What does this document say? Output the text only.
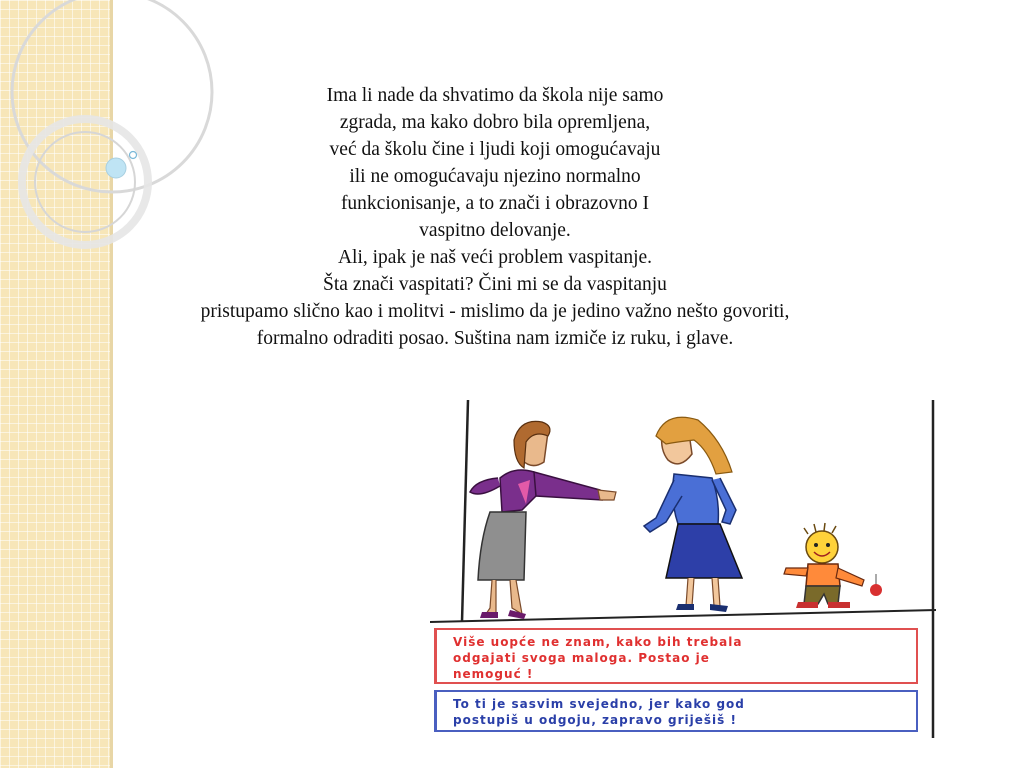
Ima li nade da shvatimo da škola nije samo
zgrada, ma kako dobro bila opremljena,
već da školu čine i ljudi koji omogućavaju
ili ne omogućavaju njezino normalno
funkcionisanje, a to znači i obrazovno I
vaspitno delovanje.
Ali, ipak je naš veći problem vaspitanje.
Šta znači vaspitati? Čini mi se da vaspitanju
pristupamo slično kao i molitvi - mislimo da je jedino važno nešto govoriti,
formalno odraditi posao. Suština nam izmiče iz ruku, i glave.
Više uopće ne znam, kako bih trebala
odgajati svoga maloga. Postao je
nemoguć !
To ti je sasvim svejedno, jer kako god
postupiš u odgoju, zapravo griješiš !
